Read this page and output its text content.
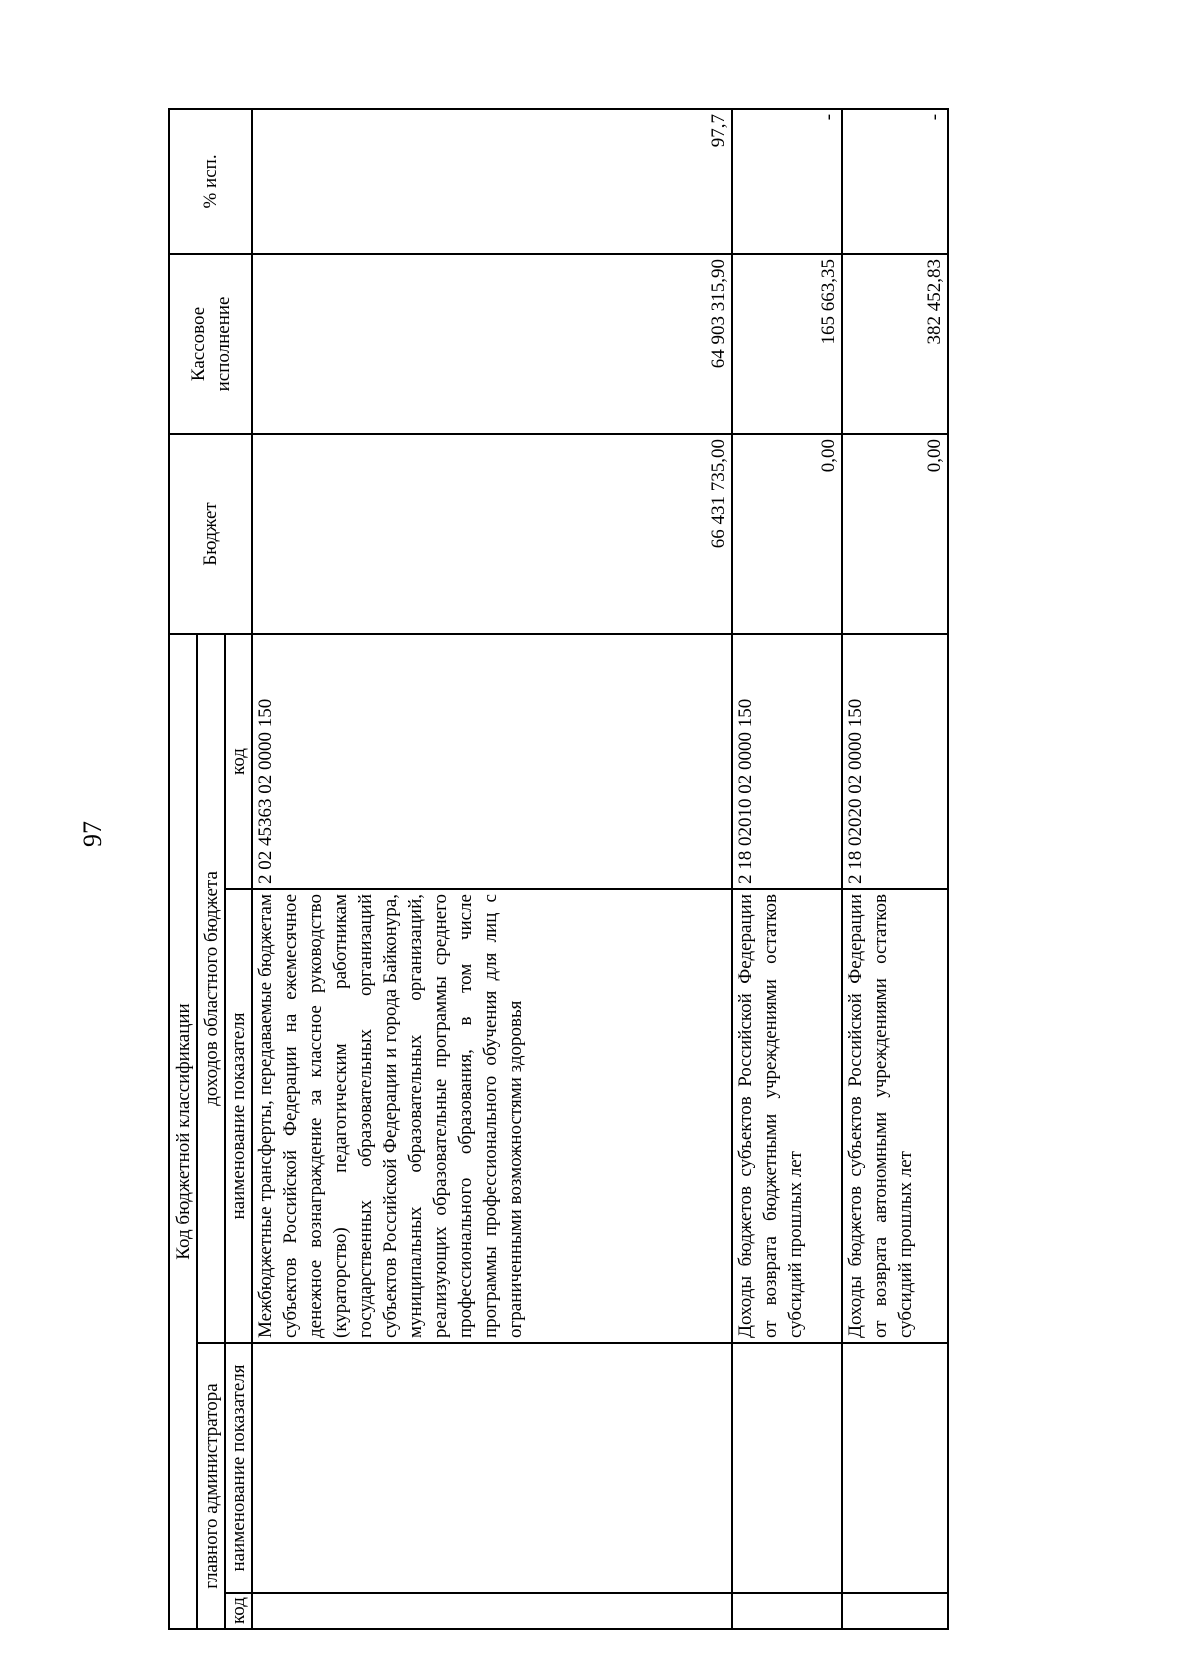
97
Код бюджетной классификации				Бюджет	Кассовое исполнение	% исп.
главного администратора		доходов областного бюджета				
код	наименование показателя	наименование показателя	код			
		Межбюджетные трансферты, передаваемые бюджетам субъектов Российской Федерации на ежемесячное денежное вознаграждение за классное руководство (кураторство) педагогическим работникам государственных образовательных организаций субъектов Российской Федерации и города Байконура, муниципальных образовательных организаций, реализующих образовательные программы среднего профессионального образования, в том числе программы профессионального обучения для лиц с ограниченными возможностями здоровья	2 02 45363 02 0000 150	66 431 735,00	64 903 315,90	97,7
		Доходы бюджетов субъектов Российской Федерации от возврата бюджетными учреждениями остатков субсидий прошлых лет	2 18 02010 02 0000 150	0,00	165 663,35	-
		Доходы бюджетов субъектов Российской Федерации от возврата автономными учреждениями остатков субсидий прошлых лет	2 18 02020 02 0000 150	0,00	382 452,83	-
